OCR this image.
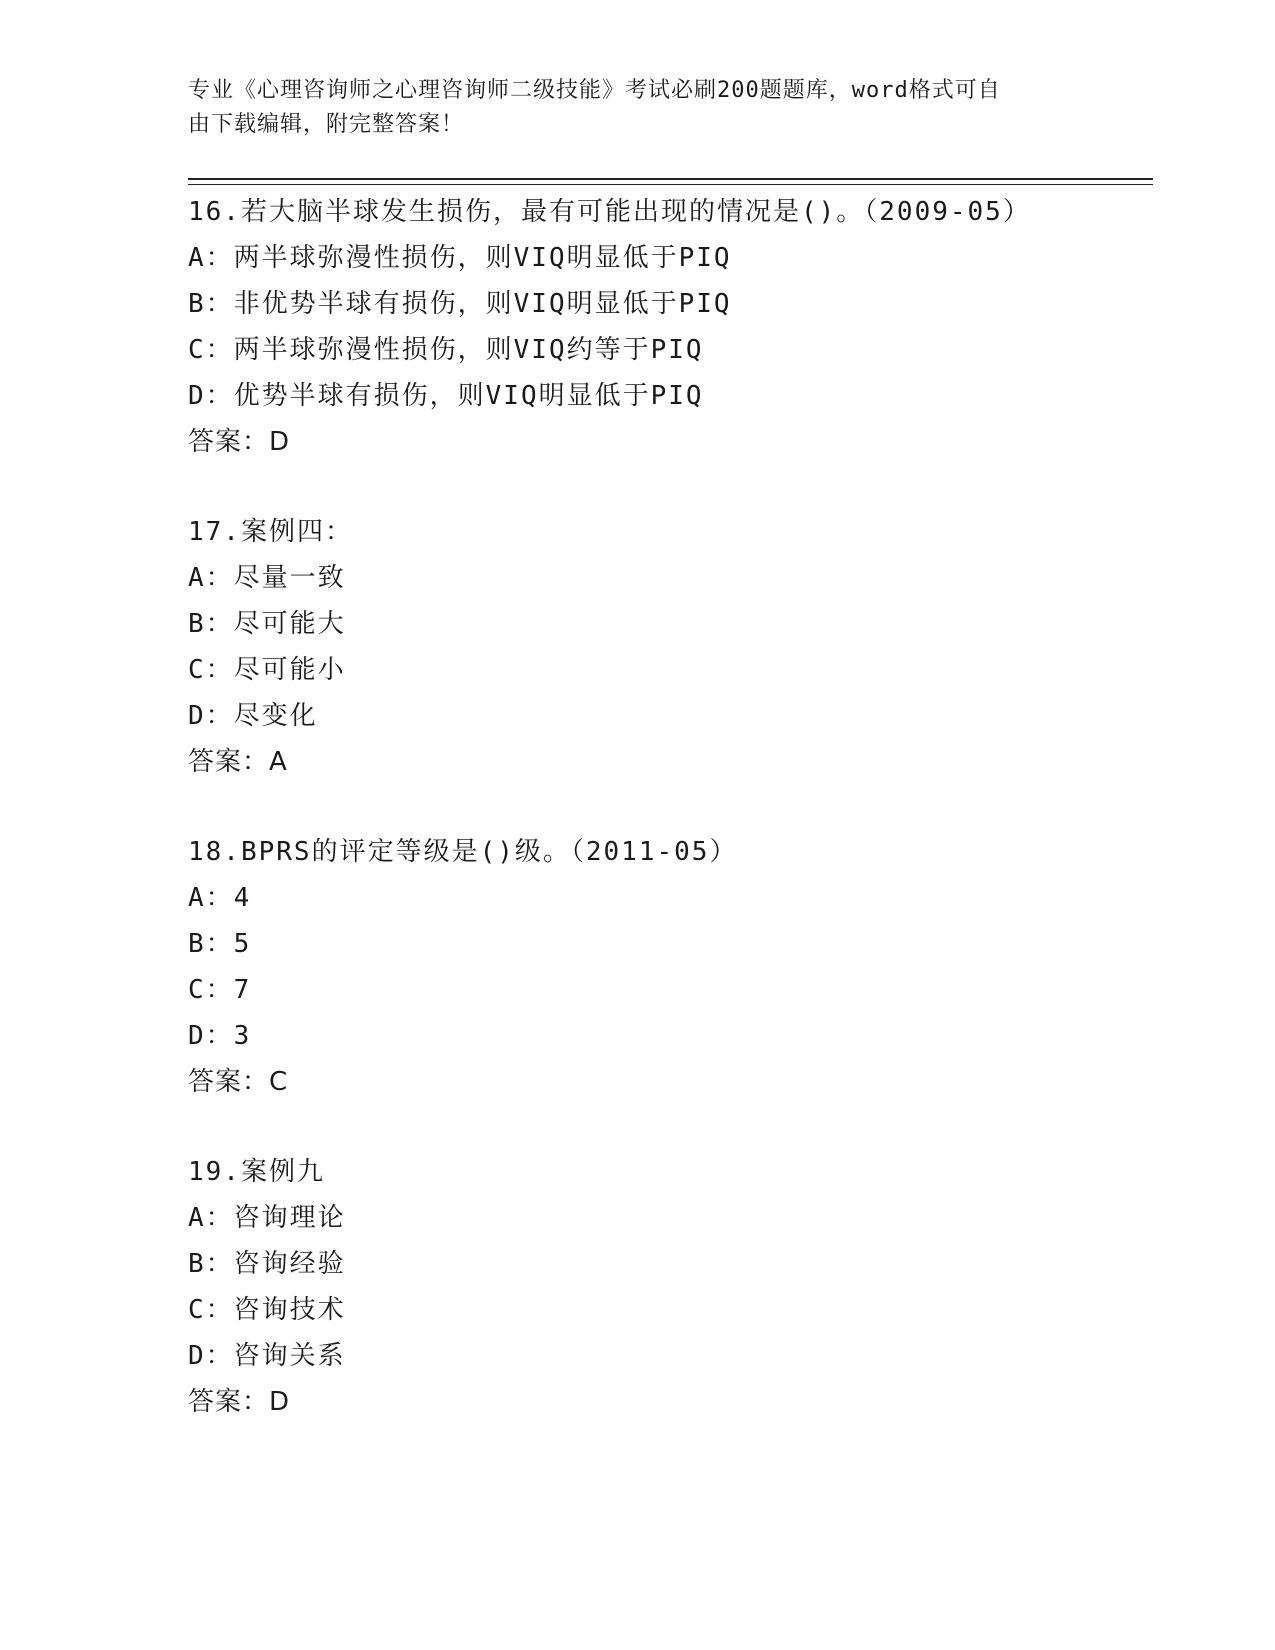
专业《心理咨询师之心理咨询师二级技能》考试必刷200题题库，word格式可自
由下载编辑，附完整答案！
16.若大脑半球发生损伤，最有可能出现的情况是()。（2009-05）
A：两半球弥漫性损伤，则VIQ明显低于PIQ
B：非优势半球有损伤，则VIQ明显低于PIQ
C：两半球弥漫性损伤，则VIQ约等于PIQ
D：优势半球有损伤，则VIQ明显低于PIQ
答案：D
17.案例四：
A：尽量一致
B：尽可能大
C：尽可能小
D：尽变化
答案：A
18.BPRS的评定等级是()级。（2011-05）
A：4
B：5
C：7
D：3
答案：C
19.案例九
A：咨询理论
B：咨询经验
C：咨询技术
D：咨询关系
答案：D
